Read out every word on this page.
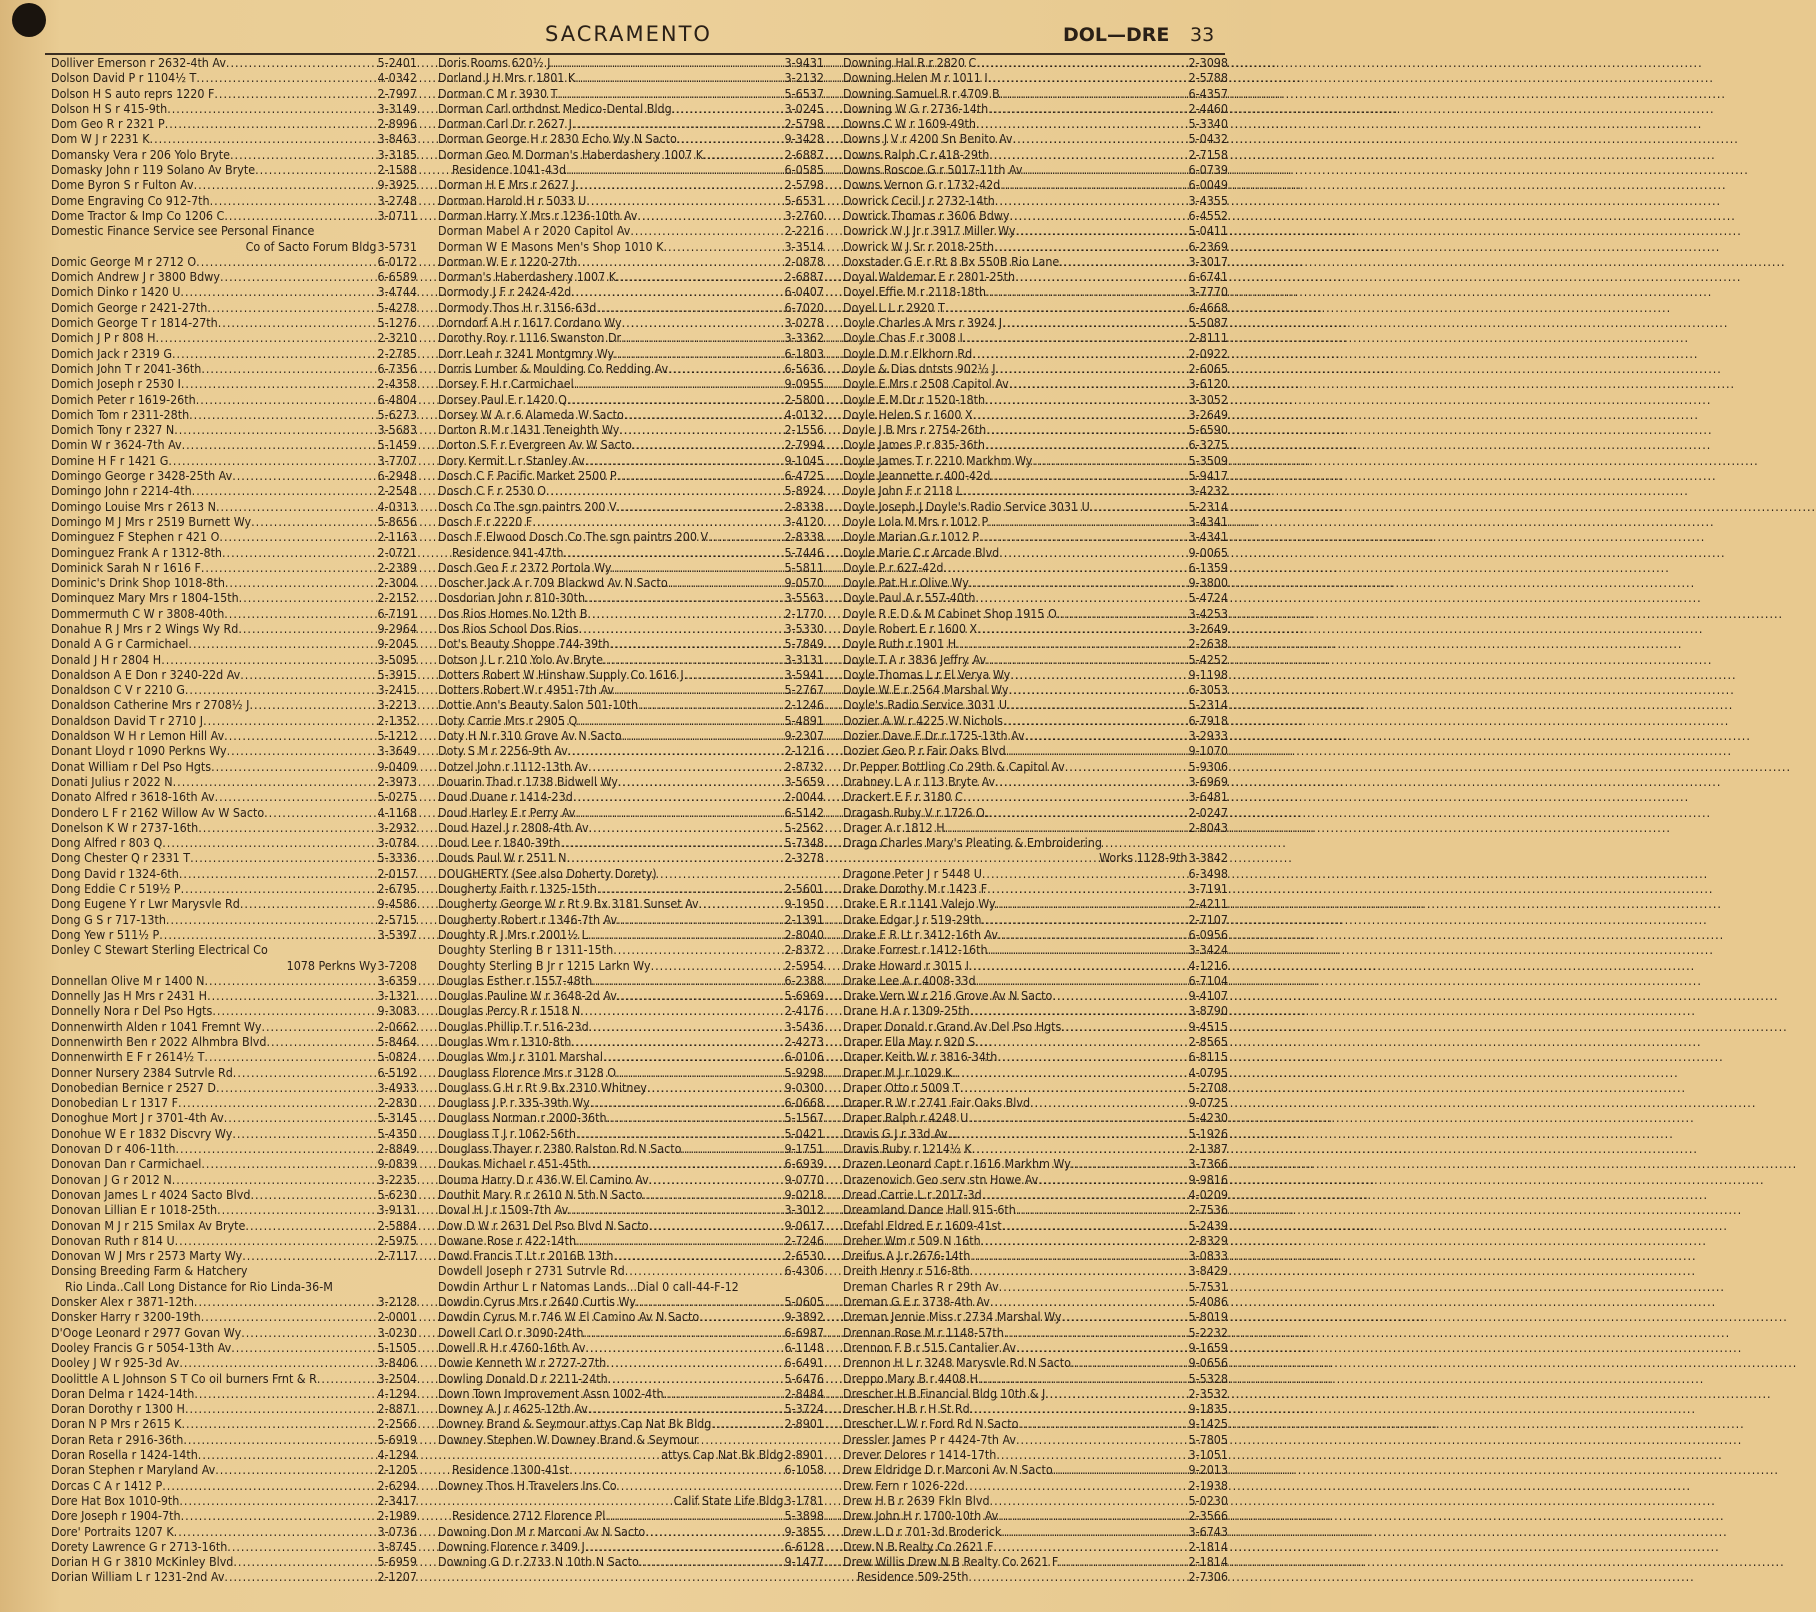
SACRAMENTO	DOL—DRE 33
Dolliver Emerson r 2632-4th Av .....	5-2401
Dolson David P r 1104½ T .....	4-0342
Dolson H S auto reprs 1220 F .....	2-7997
Dolson H S r 415-9th .....	3-3149
Dom Geo R r 2321 P .....	2-8996
Dom W J r 2231 K .....	3-8463
Domansky Vera r 206 Yolo Bryte .....	3-3185
Domasky John r 119 Solano Av Bryte .....	2-1588
Dome Byron S r Fulton Av .....	9-3925
Dome Engraving Co 912-7th .....	3-2748
Dome Tractor & Imp Co 1206 C .....	3-0711
Domestic Finance Service see Personal Finance
Co of Sacto Forum Bldg 3-5731
Domic George M r 2712 O .....	6-0172
Domich Andrew J r 3800 Bdwy .....	6-6589
Domich Dinko r 1420 U .....	3-4744
Domich George r 2421-27th .....	5-4278
Domich George T r 1814-27th .....	5-1276
Domich J P r 808 H .....	2-3210
Domich Jack r 2319 G .....	2-2785
Domich John T r 2041-36th .....	6-7356
Domich Joseph r 2530 I .....	2-4358
Domich Peter r 1619-26th .....	6-4804
Domich Tom r 2311-28th .....	5-6273
Domich Tony r 2327 N .....	3-5683
Domin W r 3624-7th Av .....	5-1459
Domine H F r 1421 G .....	3-7707
Domingo George r 3428-25th Av .....	6-2948
Domingo John r 2214-4th .....	2-2548
Domingo Louise Mrs r 2613 N .....	4-0313
Domingo M J Mrs r 2519 Burnett Wy .....	5-8656
Dominguez F Stephen r 421 O .....	2-1163
Dominguez Frank A r 1312-8th .....	2-0721
Dominick Sarah N r 1616 F .....	2-2389
Dominic's Drink Shop 1018-8th .....	2-3004
Dominquez Mary Mrs r 1804-15th .....	2-2152
Dommermuth C W r 3808-40th .....	6-7191
Donahue R J Mrs r 2 Wings Wy Rd .....	9-2964
Donald A G r Carmichael .....	9-2045
Donald J H r 2804 H .....	3-5095
Donaldson A E Don r 3240-22d Av .....	5-3915
Donaldson C V r 2210 G .....	3-2415
Donaldson Catherine Mrs r 2708½ J .....	3-2213
Donaldson David T r 2710 J .....	2-1352
Donaldson W H r Lemon Hill Av .....	5-1212
Donant Lloyd r 1090 Perkns Wy .....	3-3649
Donat William r Del Pso Hgts .....	9-0409
Donati Julius r 2022 N .....	2-3973
Donato Alfred r 3618-16th Av .....	5-0275
Dondero L F r 2162 Willow Av W Sacto .....	4-1168
Donelson K W r 2737-16th .....	3-2932
Dong Alfred r 803 Q .....	3-0784
Dong Chester Q r 2331 T .....	5-3336
Dong David r 1324-6th .....	2-0157
Dong Eddie C r 519½ P .....	2-6795
Dong Eugene Y r Lwr Marysvle Rd .....	9-4586
Dong G S r 717-13th .....	2-5715
Dong Yew r 511½ P .....	3-5397
Donley C Stewart Sterling Electrical Co
1078 Perkns Wy 3-7208
Donnellan Olive M r 1400 N .....	3-6359
Donnelly Jas H Mrs r 2431 H .....	3-1321
Donnelly Nora r Del Pso Hgts .....	9-3083
Donnenwirth Alden r 1041 Fremnt Wy .....	2-0662
Donnenwirth Ben r 2022 Alhmbra Blvd .....	5-8464
Donnenwirth E F r 2614½ T .....	5-0824
Donner Nursery 2384 Sutrvle Rd .....	6-5192
Donobedian Bernice r 2527 D .....	3-4933
Donobedian L r 1317 F .....	2-2830
Donoghue Mort J r 3701-4th Av .....	5-3145
Donohue W E r 1832 Discvry Wy .....	5-4350
Donovan D r 406-11th .....	2-8849
Donovan Dan r Carmichael .....	9-0839
Donovan J G r 2012 N .....	3-2235
Donovan James L r 4024 Sacto Blvd .....	5-6230
Donovan Lillian E r 1018-25th .....	3-9131
Donovan M J r 215 Smilax Av Bryte .....	2-5884
Donovan Ruth r 814 U .....	2-5975
Donovan W J Mrs r 2573 Marty Wy .....	2-7117
Donsing Breeding Farm & Hatchery
Rio Linda..Call Long Distance for Rio Linda-36-M
Donsker Alex r 3871-12th .....	3-2128
Donsker Harry r 3200-19th .....	2-0001
D'Ooge Leonard r 2977 Govan Wy .....	3-0230
Dooley Francis G r 5054-13th Av .....	5-1505
Dooley J W r 925-3d Av .....	3-8406
Doolittle A L Johnson S T Co oil burners Frnt & R .....	3-2504
Doran Delma r 1424-14th .....	4-1294
Doran Dorothy r 1300 H .....	2-8871
Doran N P Mrs r 2615 K .....	2-2566
Doran Reta r 2916-36th .....	5-6919
Doran Rosella r 1424-14th .....	4-1294
Doran Stephen r Maryland Av .....	2-1205
Dorcas C A r 1412 P .....	2-6294
Dore Hat Box 1010-9th .....	2-3417
Dore Joseph r 1904-7th .....	2-1989
Dore' Portraits 1207 K .....	3-0736
Dorety Lawrence G r 2713-16th .....	3-8745
Dorian H G r 3810 McKinley Blvd .....	5-6959
Dorian William L r 1231-2nd Av .....	2-1207
Doris Rooms 620½ J .....	3-9431
Dorland J H Mrs r 1801 K .....	3-2132
Dorman C M r 3930 T .....	5-6537
Dorman Carl orthdnst Medico-Dental Bldg .....	3-0245
Dorman Carl Dr r 2627 J .....	2-5798
Dorman George H r 2830 Echo Wy N Sacto .....	9-3428
Dorman Geo M Dorman's Haberdashery 1007 K .....	2-6887
Residence 1041-43d .....	6-0585
Dorman H E Mrs r 2627 J .....	2-5798
Dorman Harold H r 5033 U .....	5-6531
Dorman Harry Y Mrs r 1236-10th Av .....	3-2760
Dorman Mabel A r 2020 Capitol Av .....	2-2216
Dorman W E Masons Men's Shop 1010 K .....	3-3514
Dorman W E r 1220-27th .....	2-0878
Dorman's Haberdashery 1007 K .....	2-6887
Dormody J F r 2424-42d .....	6-0407
Dormody Thos H r 3156-63d .....	6-7020
Dorndorf A H r 1617 Cordano Wy .....	3-0278
Dorothy Roy r 1116 Swanston Dr .....	3-3362
Dorr Leah r 3241 Montgmry Wy .....	6-1803
Dorris Lumber & Moulding Co Redding Av .....	6-5636
Dorsey F H r Carmichael .....	9-0955
Dorsey Paul E r 1420 Q .....	2-5800
Dorsey W A r 6 Alameda W Sacto .....	4-0132
Dorton R M r 1431 Teneighth Wy .....	2-1556
Dorton S F r Evergreen Av W Sacto .....	2-7994
Dory Kermit L r Stanley Av .....	9-1045
Dosch C F Pacific Market 2500 P .....	6-4725
Dosch C F r 2530 O .....	5-8924
Dosch Co The sgn paintrs 200 V .....	2-8338
Dosch F r 2220 F .....	3-4120
Dosch F Elwood Dosch Co The sgn paintrs 200 V .....	2-8338
Residence 941-47th .....	5-7446
Dosch Geo F r 2372 Portola Wy .....	5-5811
Doscher Jack A r 709 Blackwd Av N Sacto .....	9-0570
Dosdorian John r 810-30th .....	3-5563
Dos Rios Homes No 12th B .....	2-1770
Dos Rios School Dos Rios .....	3-5330
Dot's Beauty Shoppe 744-39th .....	5-7849
Dotson J L r 210 Yolo Av Bryte .....	3-3131
Dotters Robert W Hinshaw Supply Co 1616 J .....	3-5941
Dotters Robert W r 4951-7th Av .....	5-2767
Dottie Ann's Beauty Salon 501-10th .....	2-1246
Doty Carrie Mrs r 2905 Q .....	5-4891
Doty H N r 310 Grove Av N Sacto .....	9-2307
Doty S M r 2256-9th Av .....	2-1216
Dotzel John r 1112-13th Av .....	2-8732
Douarin Thad r 1738 Bidwell Wy .....	3-5659
Doud Duane r 1414-23d .....	2-0044
Doud Harley E r Perry Av .....	6-5142
Doud Hazel J r 2808-4th Av .....	5-2562
Doud Lee r 1840-39th .....	5-7348
Douds Paul W r 2511 N .....	2-3278
DOUGHERTY (See also Doherty Dorety)
Dougherty Faith r 1325-15th .....	2-5601
Dougherty George W r Rt 9 Bx 3181 Sunset Av .....	9-1950
Dougherty Robert r 1346-7th Av .....	2-1391
Doughty R J Mrs r 2001½ L .....	2-8040
Doughty Sterling B r 1311-15th .....	2-8372
Doughty Sterling B Jr r 1215 Larkn Wy .....	2-5954
Douglas Esther r 1557-48th .....	6-2388
Douglas Pauline W r 3648-2d Av .....	5-6969
Douglas Percy R r 1518 N .....	2-4176
Douglas Phillip T r 516-23d .....	3-5436
Douglas Wm r 1310-8th .....	2-4273
Douglas Wm J r 3101 Marshal .....	6-0106
Douglass Florence Mrs r 3128 O .....	5-9298
Douglass G H r Rt 9 Bx 2310 Whitney .....	9-0300
Douglass J P r 335-39th Wy .....	6-0668
Douglass Norman r 2000-36th .....	5-1567
Douglass T J r 1062-56th .....	5-0421
Douglass Thayer r 2380 Ralston Rd N Sacto .....	9-1751
Doukas Michael r 451-45th .....	6-6939
Douma Harry D r 436 W El Camino Av .....	9-0770
Douthit Mary R r 2610 N 5th N Sacto .....	9-0218
Doval H J r 1509-7th Av .....	3-3012
Dow D W r 2631 Del Pso Blvd N Sacto .....	9-0617
Dowane Rose r 422-14th .....	2-7246
Dowd Francis T Lt r 2016B 13th .....	2-6530
Dowdell Joseph r 2731 Sutrvle Rd .....	6-4306
Dowdin Arthur L r Natomas Lands...Dial 0 call-44-F-12
Dowdin Cyrus Mrs r 2640 Curtis Wy .....	5-0605
Dowdin Cyrus M r 746 W El Camino Av N Sacto .....	9-3892
Dowell Carl O r 3090-24th .....	6-6987
Dowell R H r 4760-16th Av .....	6-1148
Dowie Kenneth W r 2727-27th .....	6-6491
Dowling Donald D r 2211-24th .....	5-6476
Down Town Improvement Assn 1002-4th .....	2-8484
Downey A J r 4625-12th Av .....	5-3724
Downey Brand & Seymour attys Cap Nat Bk Bldg .....	2-8901
Downey Stephen W Downey Brand & Seymour
attys Cap Nat Bk Bldg 2-8901
Residence 1300-41st .....	6-1058
Downey Thos H Travelers Ins Co
Calif State Life Bldg 3-1781
Residence 2712 Florence Pl .....	5-3898
Downing Don M r Marconi Av N Sacto .....	9-3855
Downing Florence r 3409 J .....	6-6128
Downing G D r 2733 N 10th N Sacto .....	9-1477
Downing Hal R r 2820 C .....	2-3098
Downing Helen M r 1011 I .....	2-5788
Downing Samuel R r 4709 B .....	6-4357
Downing W G r 2736-14th .....	2-4460
Downs C W r 1609-49th .....	5-3340
Downs J V r 4200 Sn Benito Av .....	5-0432
Downs Ralph C r 418-29th .....	2-7158
Downs Roscoe G r 5017-11th Av .....	6-0739
Downs Vernon G r 1732-42d .....	6-0049
Dowrick Cecil J r 2732-14th .....	3-4355
Dowrick Thomas r 3606 Bdwy .....	6-4552
Dowrick W J Jr r 3917 Miller Wy .....	5-0411
Dowrick W J Sr r 2018-25th .....	6-2369
Doxstader G E r Rt 8 Bx 550B Rio Lane .....	3-3017
Doyal Waldemar E r 2801-25th .....	6-6741
Doyel Effie M r 2118-18th .....	3-7770
Doyel L L r 2920 T .....	6-4668
Doyle Charles A Mrs r 3924 J .....	5-5087
Doyle Chas F r 3008 I .....	2-8111
Doyle D M r Elkhorn Rd .....	2-0922
Doyle & Dias dntsts 902½ J .....	2-6065
Doyle E Mrs r 2508 Capitol Av .....	3-6120
Doyle E M Dr r 1520-18th .....	3-3052
Doyle Helen S r 1600 X .....	3-2649
Doyle J B Mrs r 2754-26th .....	5-6590
Doyle James P r 835-36th .....	6-3275
Doyle James T r 2210 Markhm Wy .....	5-3509
Doyle Jeannette r 400-42d .....	5-9417
Doyle John F r 2118 L .....	3-4232
Doyle Joseph J Doyle's Radio Service 3031 U .....	5-2314
Doyle Lola M Mrs r 1012 P .....	3-4341
Doyle Marian G r 1012 P .....	3-4341
Doyle Marie C r Arcade Blvd .....	9-0065
Doyle P r 627-42d .....	6-1359
Doyle Pat H r Olive Wy .....	9-3800
Doyle Paul A r 557-40th .....	5-4724
Doyle R E D & M Cabinet Shop 1915 O .....	3-4253
Doyle Robert E r 1600 X .....	3-2649
Doyle Ruth r 1901 H .....	2-2638
Doyle T A r 3836 Jeffry Av .....	5-4252
Doyle Thomas L r El Verya Wy .....	9-1198
Doyle W E r 2564 Marshal Wy .....	6-3053
Doyle's Radio Service 3031 U .....	5-2314
Dozier A W r 4225 W Nichols .....	6-7918
Dozier Dave F Dr r 1725-13th Av .....	3-2933
Dozier Geo P r Fair Oaks Blvd .....	9-1070
Dr Pepper Bottling Co 29th & Capitol Av .....	5-9306
Drabney L A r 113 Bryte Av .....	3-6969
Drackert E F r 3180 C .....	3-6481
Dragash Ruby V r 1726 O .....	2-0247
Drager A r 1812 H .....	2-8043
Drago Charles Mary's Pleating & Embroidering
Works 1128-9th 3-3842
Dragone Peter J r 5448 U .....	6-3498
Drake Dorothy M r 1423 F .....	3-7191
Drake E R r 1141 Valejo Wy .....	2-4211
Drake Edgar J r 519-29th .....	2-7107
Drake F R Lt r 3412-16th Av .....	6-0956
Drake Forrest r 1412-16th .....	3-3424
Drake Howard r 3015 I .....	4-1216
Drake Lee A r 4008-33d .....	6-7104
Drake Vern W r 216 Grove Av N Sacto .....	9-4107
Drane H A r 1309-25th .....	3-8790
Draper Donald r Grand Av Del Pso Hgts .....	9-4515
Draper Ella May r 920 S .....	2-8565
Draper Keith W r 3816-34th .....	6-8115
Draper M J r 1029 K .....	4-0795
Draper Otto r 5009 T .....	5-2708
Draper R W r 2741 Fair Oaks Blvd .....	9-0725
Draper Ralph r 4248 U .....	5-4230
Dravis G J r 33d Av .....	5-1926
Dravis Ruby r 1214½ K .....	2-1387
Drazen Leonard Capt r 1616 Markhm Wy .....	3-7366
Drazenovich Geo serv stn Howe Av .....	9-9816
Dread Carrie L r 2017-3d .....	4-0209
Dreamland Dance Hall 915-6th .....	2-7536
Drefahl Eldred E r 1609-41st .....	5-2439
Dreher Wm r 509 N 16th .....	2-8329
Dreifus A J r 2676-14th .....	3-0833
Dreith Henry r 516-8th .....	3-8429
Dreman Charles R r 29th Av .....	5-7531
Dreman G E r 3738-4th Av .....	5-4086
Dreman Jennie Miss r 2734 Marshal Wy .....	5-8019
Drennan Rose M r 1148-57th .....	5-2232
Drennon F B r 515 Cantalier Av .....	9-1659
Drennon H L r 3248 Marysvle Rd N Sacto .....	9-0656
Dreppo Mary B r 4408 H .....	5-5328
Drescher H B Financial Bldg 10th & J .....	2-3532
Drescher H B r H St Rd .....	9-1835
Drescher L W r Ford Rd N Sacto .....	9-1425
Dressler James P r 4424-7th Av .....	5-7805
Drever Delores r 1414-17th .....	3-1051
Drew Eldridge D r Marconi Av N Sacto .....	9-2013
Drew Fern r 1026-22d .....	2-1938
Drew H B r 2639 Fkln Blvd .....	5-0230
Drew John H r 1700-10th Av .....	2-3566
Drew L D r 701-3d Broderick .....	3-6743
Drew N B Realty Co 2621 F .....	2-1814
Drew Willis Drew N B Realty Co 2621 F .....	2-1814
Residence 509-25th .....	2-7306
